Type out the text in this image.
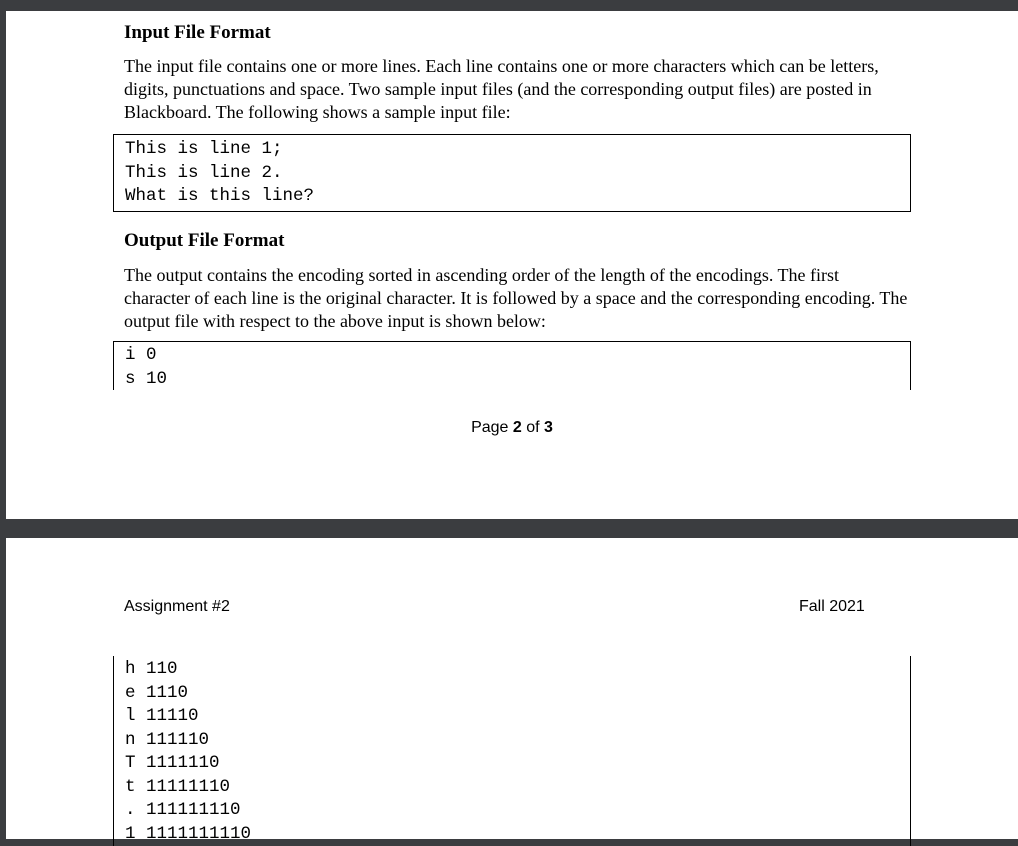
Input File Format

The input file contains one or more lines. Each line contains one or more characters which can be letters, digits, punctuations and space. Two sample input files (and the corresponding output files) are posted in Blackboard. The following shows a sample input file:

This is line 1;
This is line 2.
What is this line?
Output File Format

The output contains the encoding sorted in ascending order of the length of the encodings. The first character of each line is the original character. It is followed by a space and the corresponding encoding. The output file with respect to the above input is shown below:

i 0
s 10
Page 2 of 3
Assignment #2	Fall 2021
h 110
e 1110
l 11110
n 111110
T 1111110
t 11111110
. 111111110
1 1111111110
